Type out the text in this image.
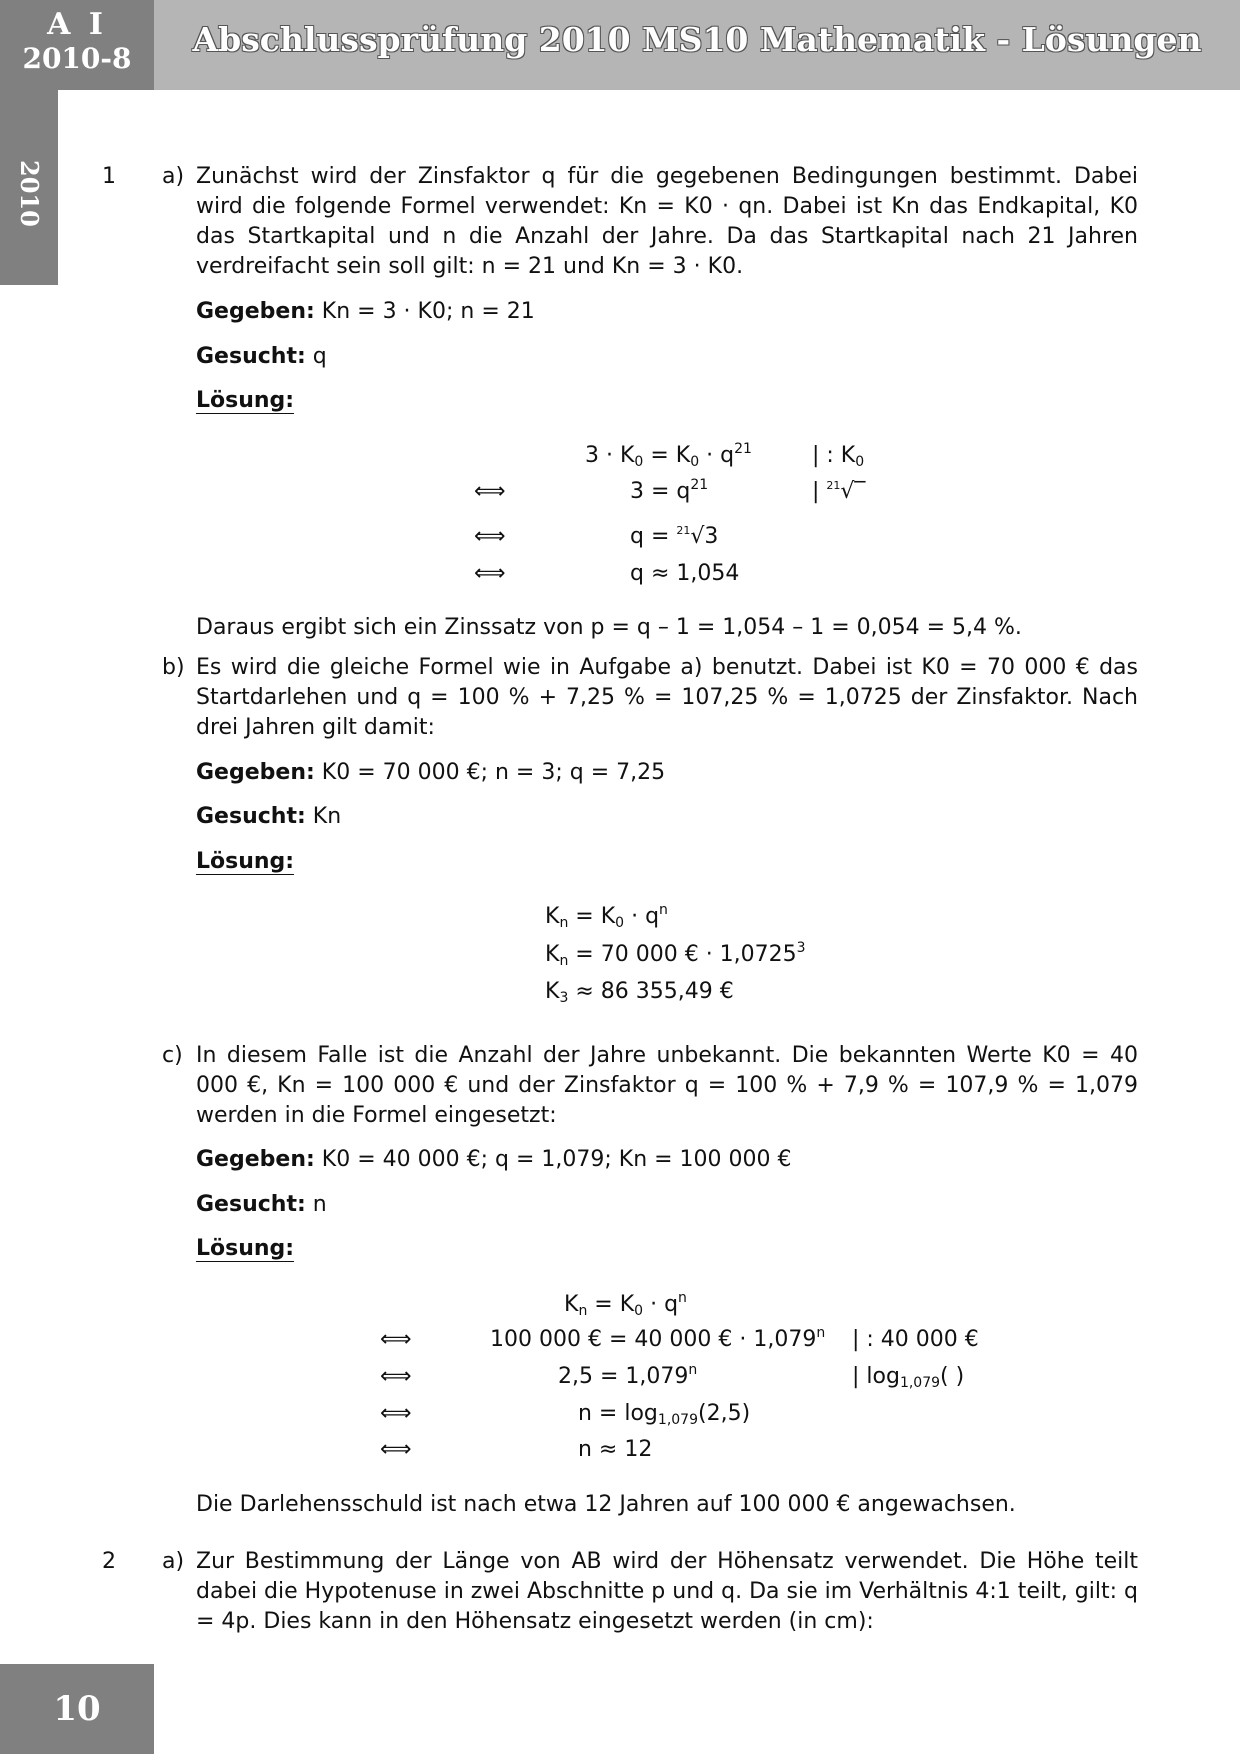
A I
2010-8	Abschlussprüfung 2010 MS10 Mathematik - Lösungen
2010
10
1 a) Zunächst wird der Zinsfaktor q für die gegebenen Bedingungen bestimmt. Dabei wird die folgende Formel verwendet: Kn = K0 · qn. Dabei ist Kn das Endkapital, K0 das Startkapital und n die Anzahl der Jahre. Da das Startkapital nach 21 Jahren verdreifacht sein soll gilt: n = 21 und Kn = 3 · K0.
Gegeben: Kn = 3 · K0; n = 21
Gesucht: q
Lösung:
$3 \cdot K_0 = K_0 \cdot q^{21}$	| : $K_0$
⟺	$3 = q^{21}$	| $^{21}$√‾
⟺	q = $^{21}$√3
⟺	q ≈ 1,054
Daraus ergibt sich ein Zinssatz von p = q – 1 = 1,054 – 1 = 0,054 = 5,4 %.
b) Es wird die gleiche Formel wie in Aufgabe a) benutzt. Dabei ist K0 = 70 000 € das Startdarlehen und q = 100 % + 7,25 % = 107,25 % = 1,0725 der Zinsfaktor. Nach drei Jahren gilt damit:
Gegeben: K0 = 70 000 €; n = 3; q = 7,25
Gesucht: Kn
Lösung:
$K_n = K_0 \cdot q^n$
$K_n = 70$ 000 € · $1,0725^3$
$K_3 \approx 86$ 355,49 €
c) In diesem Falle ist die Anzahl der Jahre unbekannt. Die bekannten Werte K0 = 40 000 €, Kn = 100 000 € und der Zinsfaktor q = 100 % + 7,9 % = 107,9 % = 1,079 werden in die Formel eingesetzt:
Gegeben: K0 = 40 000 €; q = 1,079; Kn = 100 000 €
Gesucht: n
Lösung:
$K_n = K_0 \cdot q^n$
⟺	100 000 € = 40 000 € · $1,079^n$ | : 40 000 €
⟺	$2,5 = 1,079^n$	| $\log_{1,079}$( )
⟺	$n = \log_{1,079}(2,5)$
⟺	n ≈ 12
Die Darlehensschuld ist nach etwa 12 Jahren auf 100 000 € angewachsen.
2 a) Zur Bestimmung der Länge von AB wird der Höhensatz verwendet. Die Höhe teilt dabei die Hypotenuse in zwei Abschnitte p und q. Da sie im Verhältnis 4:1 teilt, gilt: q = 4p. Dies kann in den Höhensatz eingesetzt werden (in cm):
